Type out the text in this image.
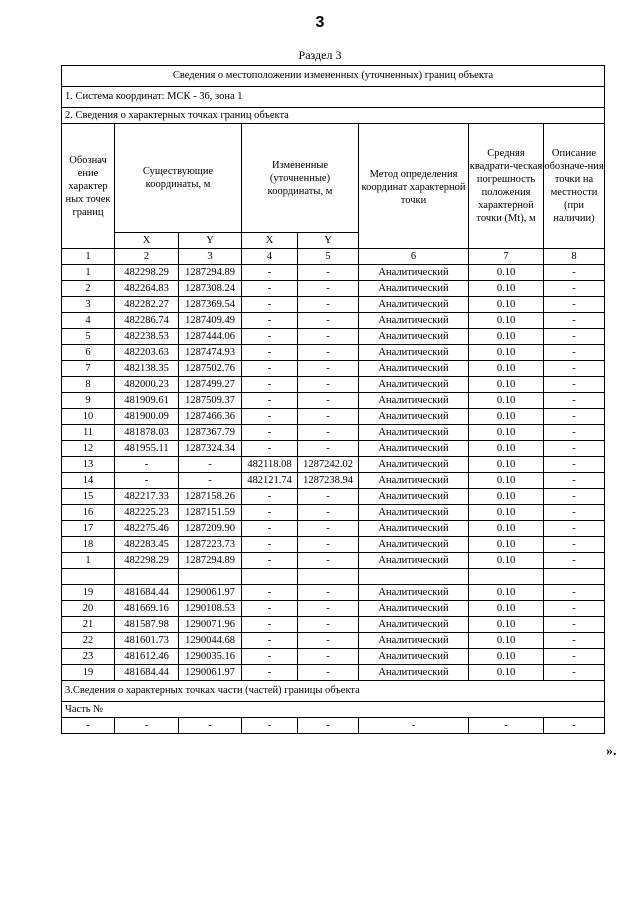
3
Раздел 3
Сведения о местоположении измененных (уточненных) границ объекта							
1. Система координат: МСК - 36, зона 1							
2. Сведения о характерных точках границ объекта							
Обознач ение характер ных точек границ	Существующие координаты, м		Измененные (уточненные) координаты, м		Метод определения координат характерной точки	Средняя квадрати-ческая погрешность положения характерной точки (Mt), м	Описание обозначе-ния точки на местности (при наличии)
	X	Y	X	Y			
1	2	3	4	5	6	7	8
1	482298.29	1287294.89	-	-	Аналитический	0.10	-
2	482264.83	1287308.24	-	-	Аналитический	0.10	-
3	482282.27	1287369.54	-	-	Аналитический	0.10	-
4	482286.74	1287409.49	-	-	Аналитический	0.10	-
5	482238.53	1287444.06	-	-	Аналитический	0.10	-
6	482203.63	1287474.93	-	-	Аналитический	0.10	-
7	482138.35	1287502.76	-	-	Аналитический	0.10	-
8	482000.23	1287499.27	-	-	Аналитический	0.10	-
9	481909.61	1287509.37	-	-	Аналитический	0.10	-
10	481900.09	1287466.36	-	-	Аналитический	0.10	-
11	481878.03	1287367.79	-	-	Аналитический	0.10	-
12	481955.11	1287324.34	-	-	Аналитический	0.10	-
13	-	-	482118.08	1287242.02	Аналитический	0.10	-
14	-	-	482121.74	1287238.94	Аналитический	0.10	-
15	482217.33	1287158.26	-	-	Аналитический	0.10	-
16	482225.23	1287151.59	-	-	Аналитический	0.10	-
17	482275.46	1287209.90	-	-	Аналитический	0.10	-
18	482283.45	1287223.73	-	-	Аналитический	0.10	-
1	482298.29	1287294.89	-	-	Аналитический	0.10	-

19	481684.44	1290061.97	-	-	Аналитический	0.10	-
20	481669.16	1290108.53	-	-	Аналитический	0.10	-
21	481587.98	1290071.96	-	-	Аналитический	0.10	-
22	481601.73	1290044.68	-	-	Аналитический	0.10	-
23	481612.46	1290035.16	-	-	Аналитический	0.10	-
19	481684.44	1290061.97	-	-	Аналитический	0.10	-
3.Сведения о характерных точках части (частей) границы объекта							
Часть №							
-	-	-	-	-	-	-	-
».
